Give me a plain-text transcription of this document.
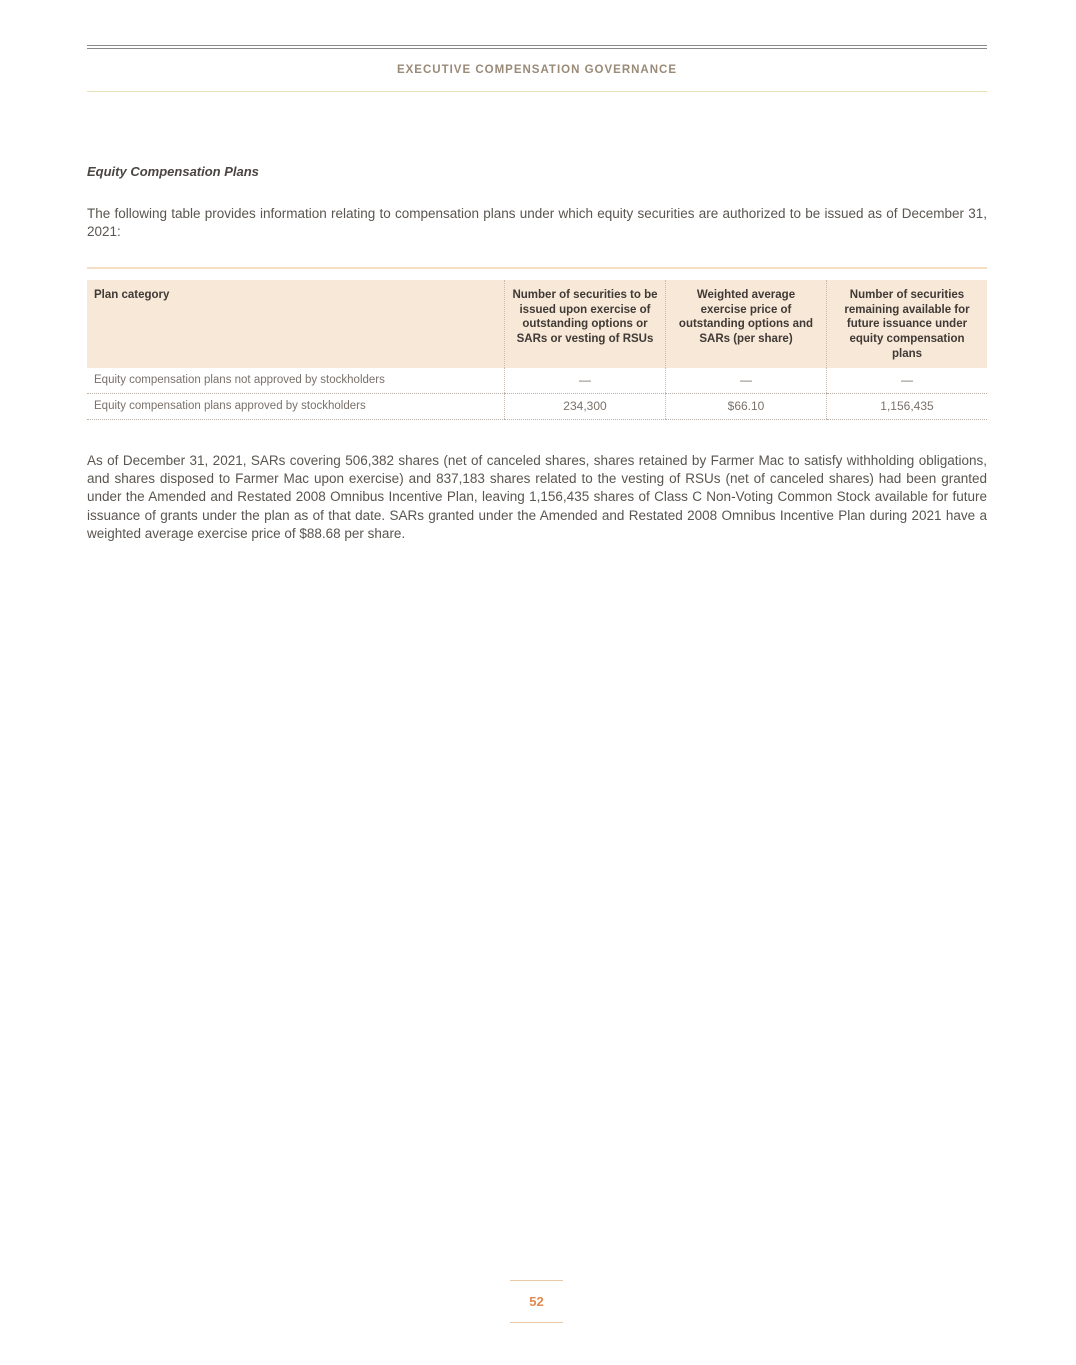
EXECUTIVE COMPENSATION GOVERNANCE
Equity Compensation Plans

The following table provides information relating to compensation plans under which equity securities are authorized to be issued as of December 31, 2021:

Plan category	Number of securities to be issued upon exercise of outstanding options or SARs or vesting of RSUs	Weighted average exercise price of outstanding options and SARs (per share)	Number of securities remaining available for future issuance under equity compensation plans
Equity compensation plans not approved by stockholders	—	—	—
Equity compensation plans approved by stockholders	234,300	$66.10	1,156,435

As of December 31, 2021, SARs covering 506,382 shares (net of canceled shares, shares retained by Farmer Mac to satisfy withholding obligations, and shares disposed to Farmer Mac upon exercise) and 837,183 shares related to the vesting of RSUs (net of canceled shares) had been granted under the Amended and Restated 2008 Omnibus Incentive Plan, leaving 1,156,435 shares of Class C Non-Voting Common Stock available for future issuance of grants under the plan as of that date. SARs granted under the Amended and Restated 2008 Omnibus Incentive Plan during 2021 have a weighted average exercise price of $88.68 per share.

52
